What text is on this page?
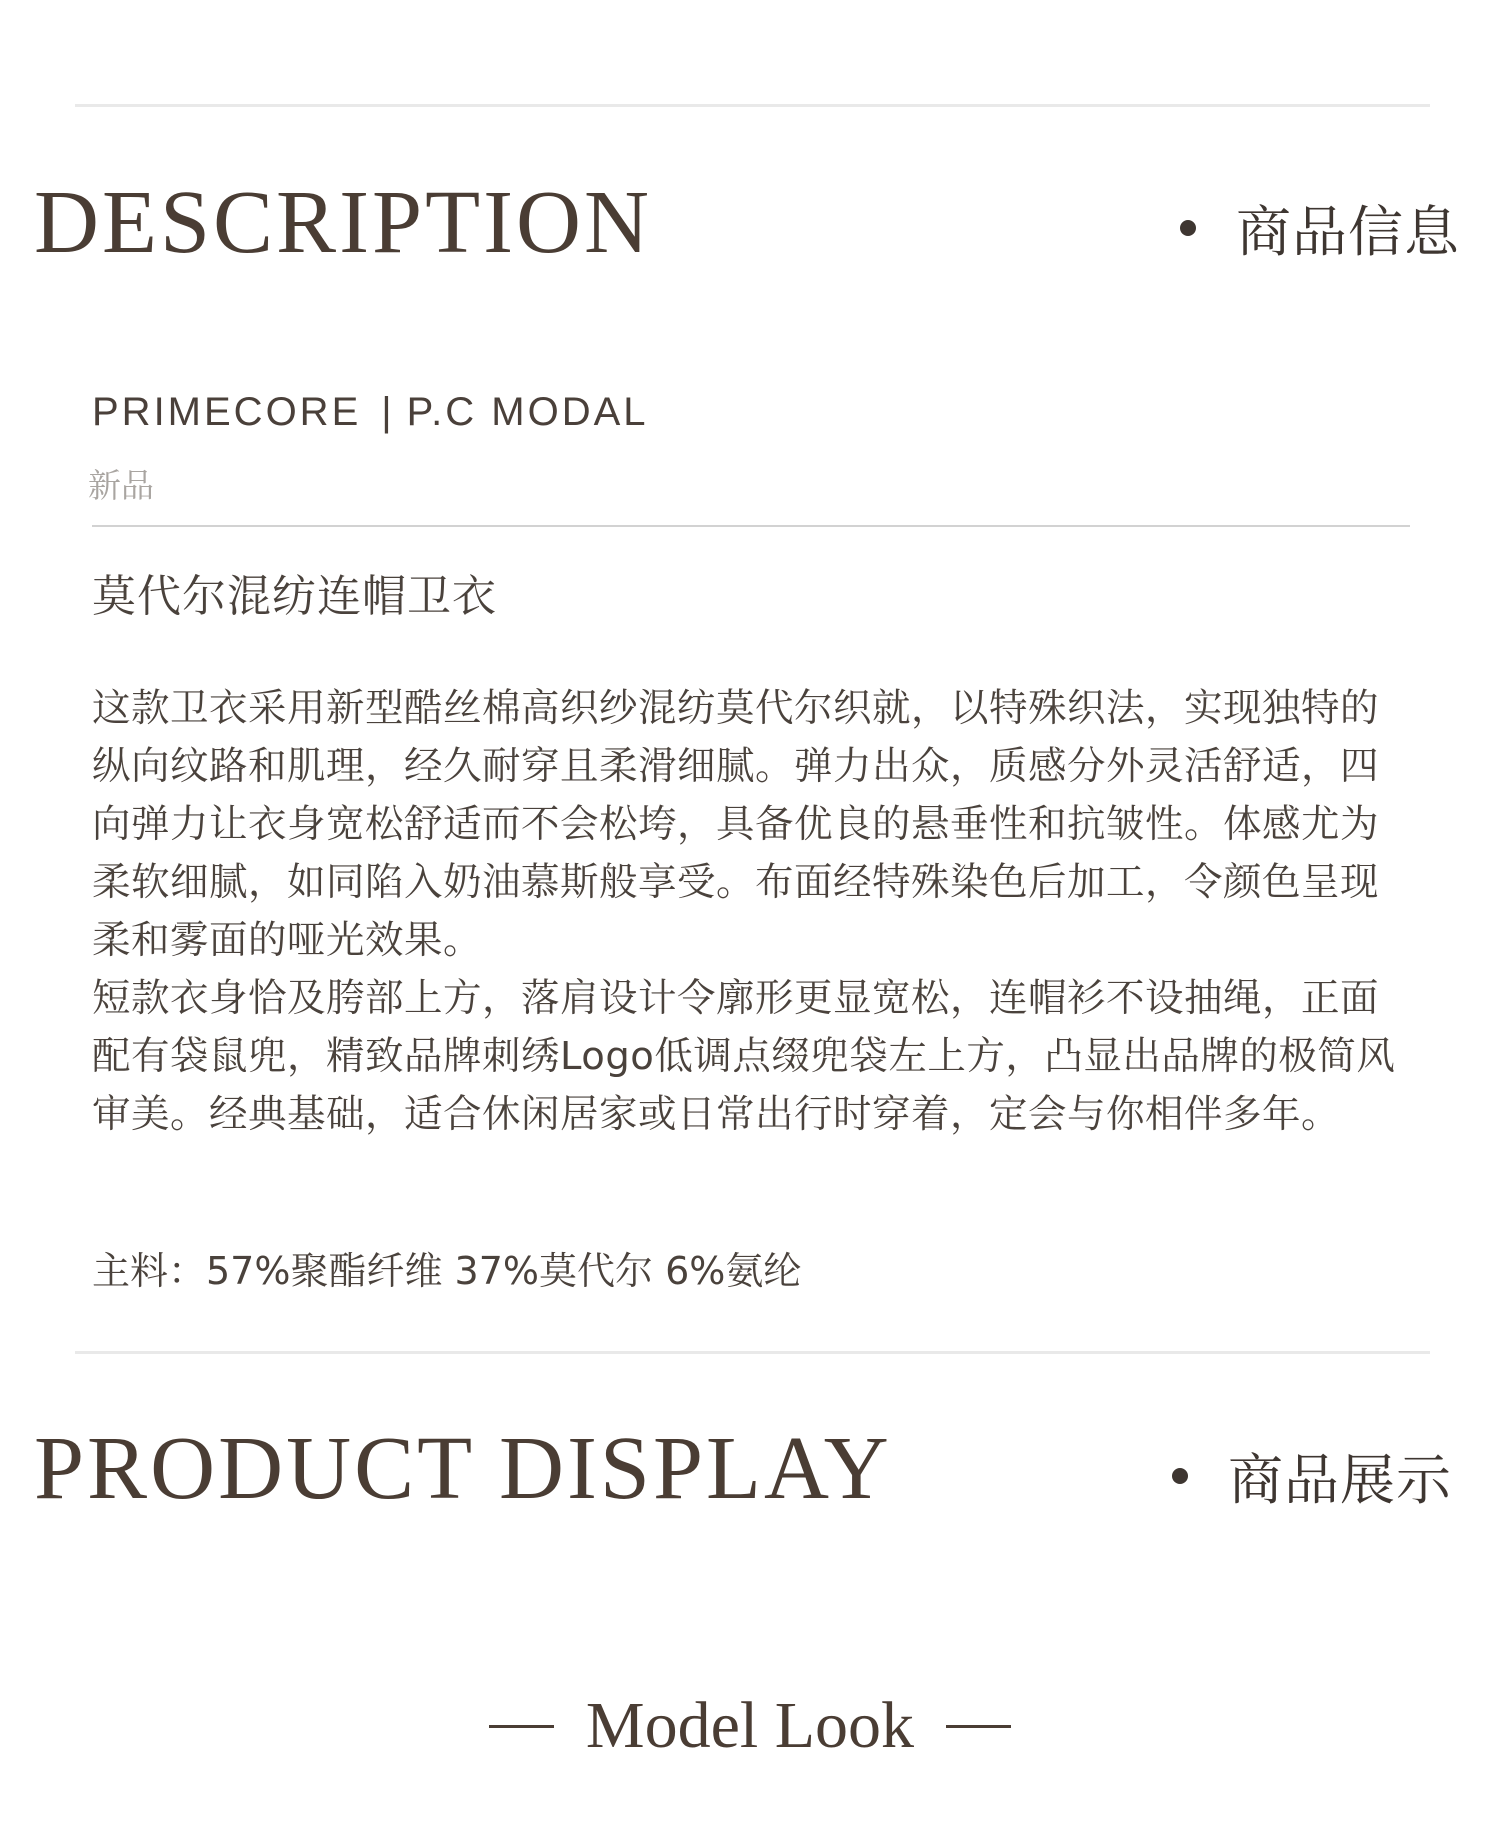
DESCRIPTION	商品信息
PRIMECORE | P.C MODAL
新品
莫代尔混纺连帽卫衣

这款卫衣采用新型酷丝棉高织纱混纺莫代尔织就，以特殊织法，实现独特的纵向纹路和肌理，经久耐穿且柔滑细腻。弹力出众，质感分外灵活舒适，四向弹力让衣身宽松舒适而不会松垮，具备优良的悬垂性和抗皱性。体感尤为柔软细腻，如同陷入奶油慕斯般享受。布面经特殊染色后加工，令颜色呈现柔和雾面的哑光效果。

短款衣身恰及胯部上方，落肩设计令廓形更显宽松，连帽衫不设抽绳，正面配有袋鼠兜，精致品牌刺绣Logo低调点缀兜袋左上方，凸显出品牌的极简风审美。经典基础，适合休闲居家或日常出行时穿着，定会与你相伴多年。

主料：57%聚酯纤维 37%莫代尔 6%氨纶
PRODUCT DISPLAY	商品展示
Model Look
